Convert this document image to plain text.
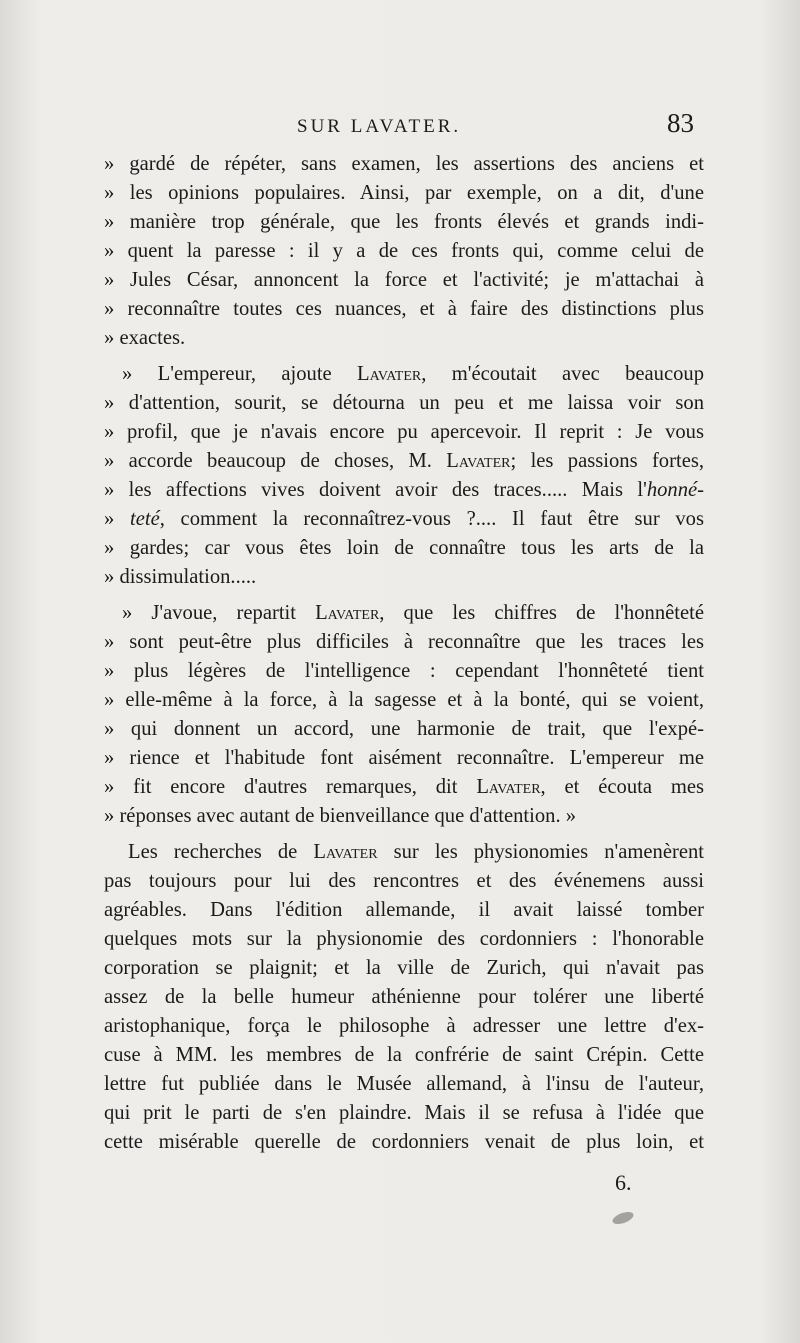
SUR LAVATER.	83
» gardé de répéter, sans examen, les assertions des anciens et
» les opinions populaires. Ainsi, par exemple, on a dit, d'une
» manière trop générale, que les fronts élevés et grands indi-
» quent la paresse : il y a de ces fronts qui, comme celui de
» Jules César, annoncent la force et l'activité; je m'attachai à
» reconnaître toutes ces nuances, et à faire des distinctions plus
» exactes.
» L'empereur, ajoute Lavater, m'écoutait avec beaucoup
» d'attention, sourit, se détourna un peu et me laissa voir son
» profil, que je n'avais encore pu apercevoir. Il reprit : Je vous
» accorde beaucoup de choses, M. Lavater; les passions fortes,
» les affections vives doivent avoir des traces..... Mais l'honné-
» teté, comment la reconnaîtrez-vous ?.... Il faut être sur vos
» gardes; car vous êtes loin de connaître tous les arts de la
» dissimulation.....
» J'avoue, repartit Lavater, que les chiffres de l'honnêteté
» sont peut-être plus difficiles à reconnaître que les traces les
» plus légères de l'intelligence : cependant l'honnêteté tient
» elle-même à la force, à la sagesse et à la bonté, qui se voient,
» qui donnent un accord, une harmonie de trait, que l'expé-
» rience et l'habitude font aisément reconnaître. L'empereur me
» fit encore d'autres remarques, dit Lavater, et écouta mes
» réponses avec autant de bienveillance que d'attention. »
Les recherches de Lavater sur les physionomies n'amenèrent
pas toujours pour lui des rencontres et des événemens aussi
agréables. Dans l'édition allemande, il avait laissé tomber
quelques mots sur la physionomie des cordonniers : l'honorable
corporation se plaignit; et la ville de Zurich, qui n'avait pas
assez de la belle humeur athénienne pour tolérer une liberté
aristophanique, força le philosophe à adresser une lettre d'ex-
cuse à MM. les membres de la confrérie de saint Crépin. Cette
lettre fut publiée dans le Musée allemand, à l'insu de l'auteur,
qui prit le parti de s'en plaindre. Mais il se refusa à l'idée que
cette misérable querelle de cordonniers venait de plus loin, et
6.
